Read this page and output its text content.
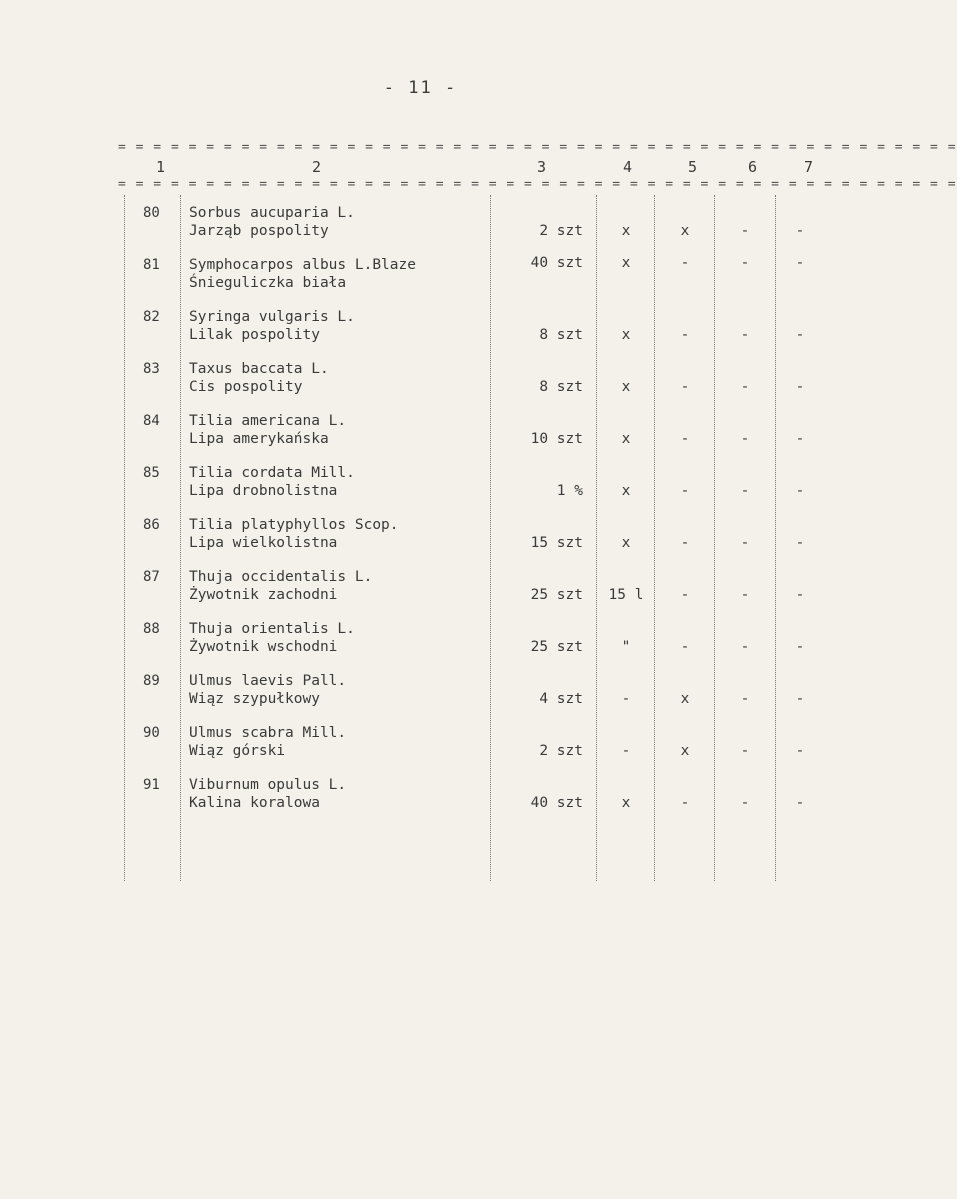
- 11 -
= = = = = = = = = = = = = = = = = = = = = = = = = = = = = = = = = = = = = = = = = = = = = = = =
= = = = = = = = = = = = = = = = = = = = = = = = = = = = = = = = = = = = = = = = = = = = = = = =
1	2	3	4	5	6	7
80 Sorbus aucuparia L.
Jarząb pospolity	2 szt	x	x	-	-
81 Symphocarpos albus L.Blaze
Śnieguliczka biała
40 szt	x	-	-	-
82 Syringa vulgaris L.
Lilak pospolity	8 szt	x	-	-	-
83 Taxus baccata L.
Cis pospolity	8 szt	x	-	-	-
84 Tilia americana L.
Lipa amerykańska	10 szt	x	-	-	-
85 Tilia cordata Mill.
Lipa drobnolistna	1 %	x	-	-	-
86 Tilia platyphyllos Scop.
Lipa wielkolistna	15 szt	x	-	-	-
87 Thuja occidentalis L.
Żywotnik zachodni	25 szt	15 l	-	-	-
88 Thuja orientalis L.
Żywotnik wschodni	25 szt	"	-	-	-
89 Ulmus laevis Pall.
Wiąz szypułkowy	4 szt	-	x	-	-
90 Ulmus scabra Mill.
Wiąz górski	2 szt	-	x	-	-
91 Viburnum opulus L.
Kalina koralowa	40 szt	x	-	-	-
